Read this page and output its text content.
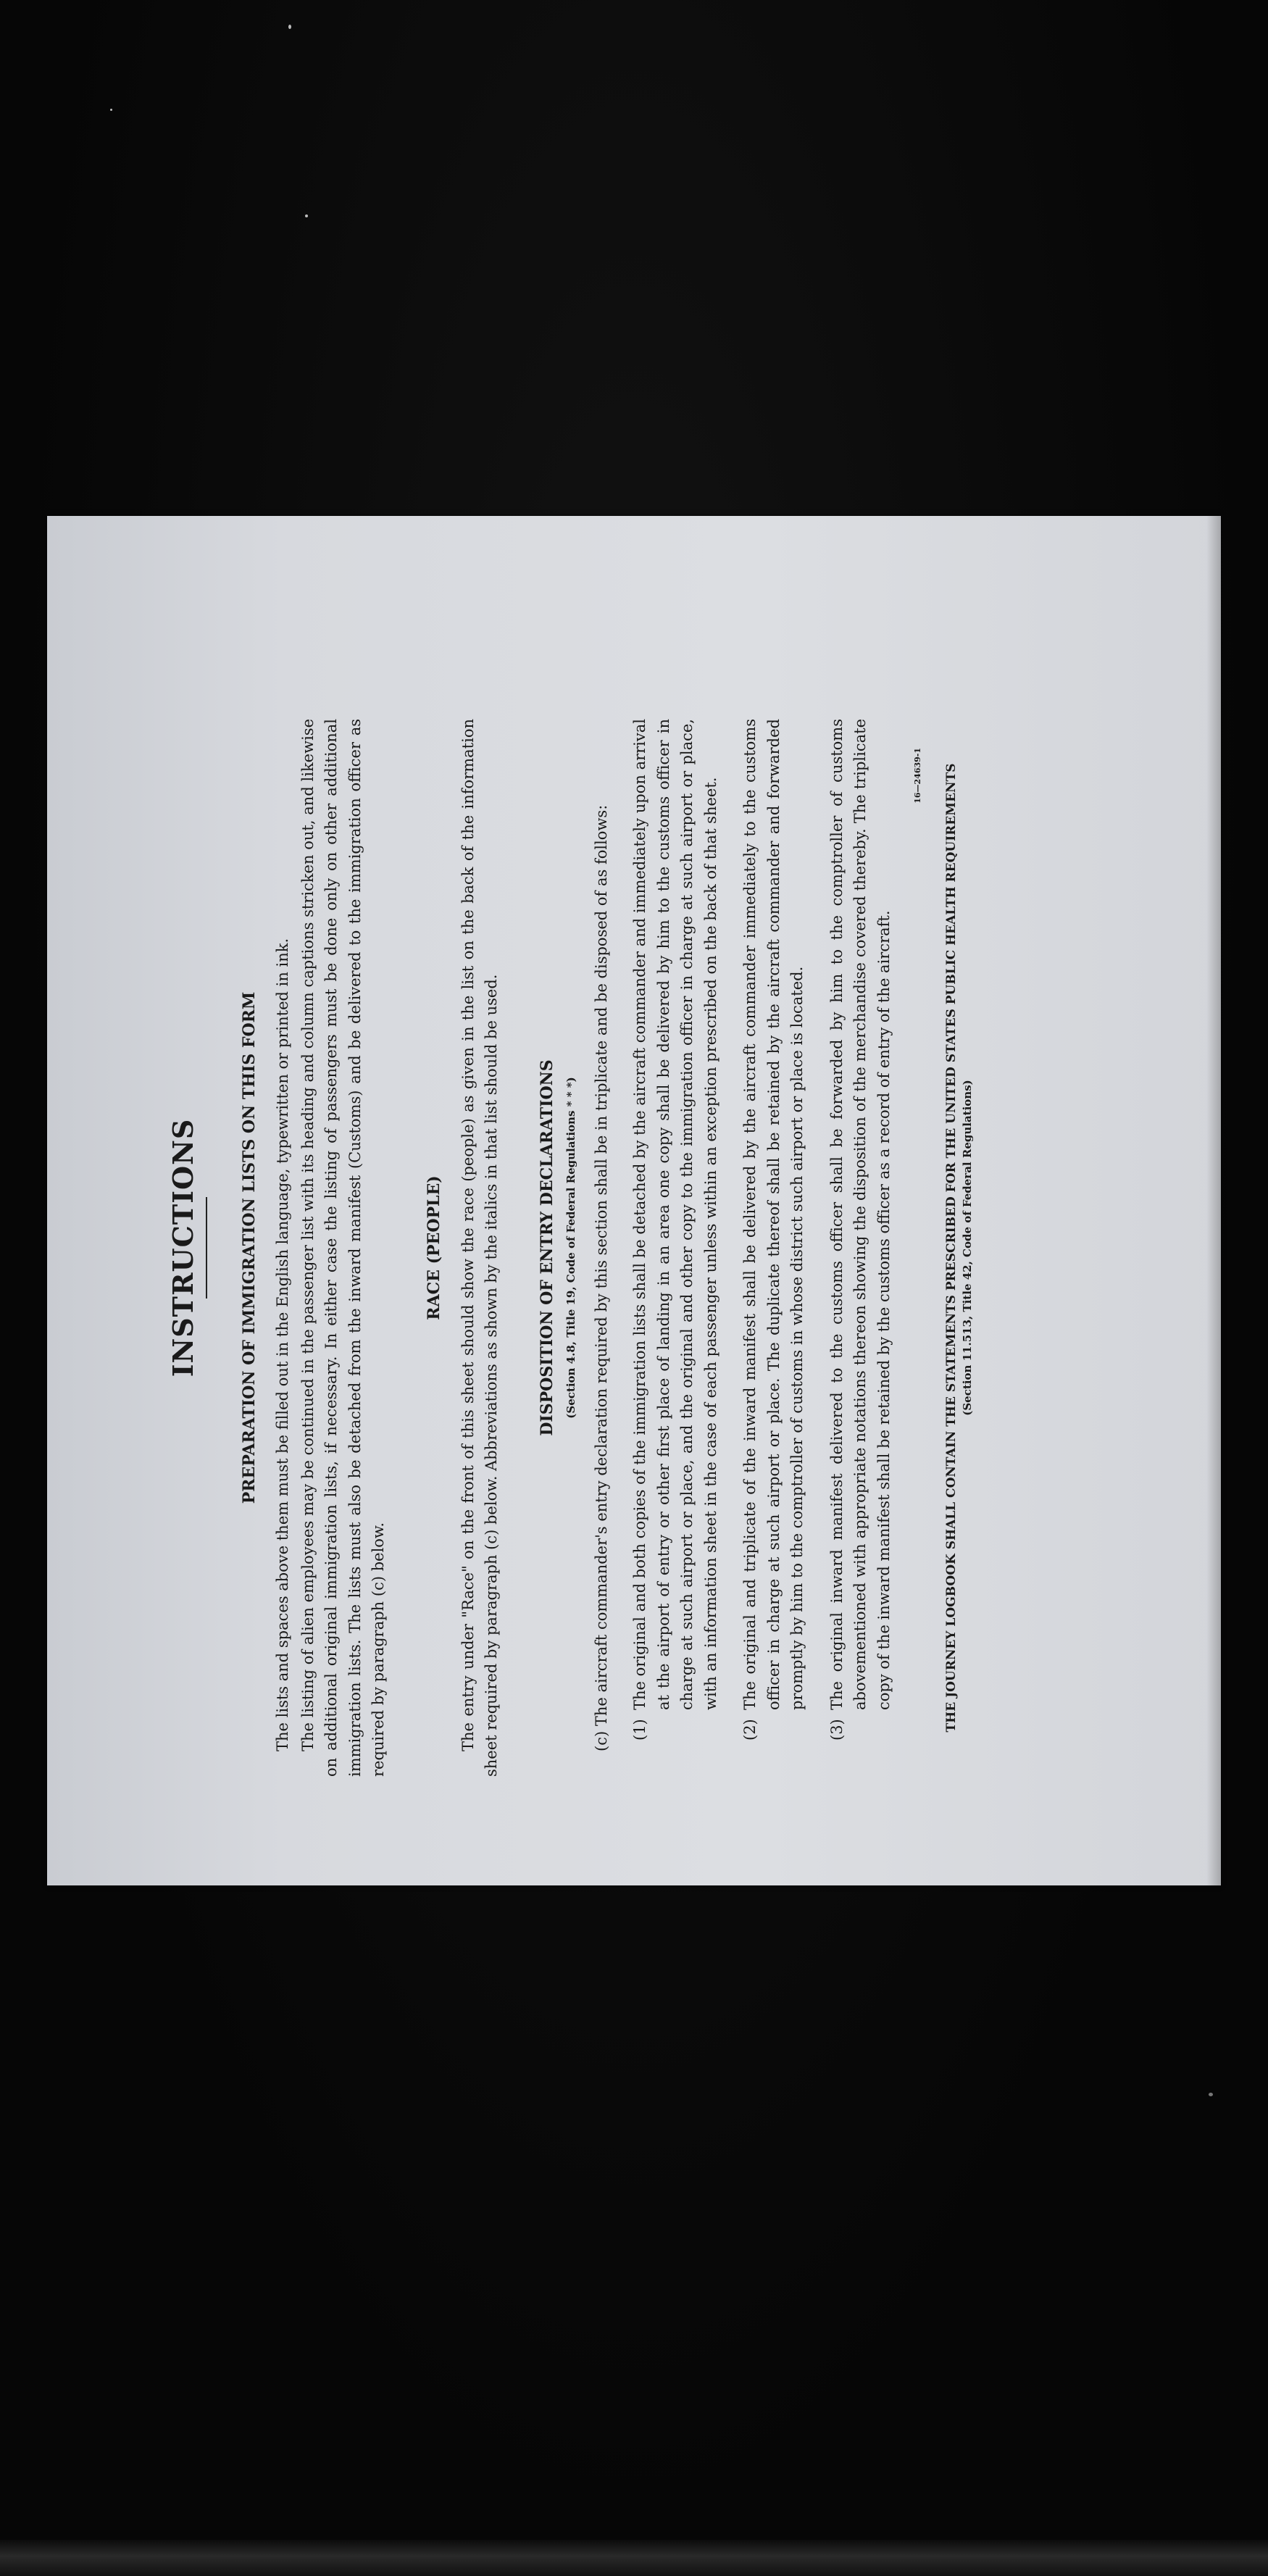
INSTRUCTIONS	PREPARATION OF IMMIGRATION LISTS ON THIS FORM The lists and spaces above them must be filled out in the English language, typewritten or printed in ink. The listing of alien employees may be continued in the passenger list with its heading and column captions stricken out, and likewise on additional original immigration lists, if necessary. In either case the listing of passengers must be done only on other additional immigration lists. The lists must also be detached from the inward manifest (Customs) and be delivered to the immigration officer as required by paragraph (c) below.

RACE (PEOPLE) The entry under "Race" on the front of this sheet should show the race (people) as given in the list on the back of the information sheet required by paragraph (c) below. Abbreviations as shown by the italics in that list should be used. DISPOSITION OF ENTRY DECLARATIONS (Section 4.8, Title 19, Code of Federal Regulations * * *) (c) The aircraft commander's entry declaration required by this section shall be in triplicate and be disposed of as follows: (1)
The original and both copies of the immigration lists shall be detached by the aircraft commander and immediately upon arrival at the airport of entry or other first place of landing in an area one copy shall be delivered by him to the customs officer in charge at such airport or place, and the original and other copy to the immigration officer in charge at such airport or place, with an information sheet in the case of each passenger unless within an exception prescribed on the back of that sheet.
(2)
The original and triplicate of the inward manifest shall be delivered by the aircraft commander immediately to the customs officer in charge at such airport or place. The duplicate thereof shall be retained by the aircraft commander and forwarded promptly by him to the comptroller of customs in whose district such airport or place is located.
(3)
The original inward manifest delivered to the customs officer shall be forwarded by him to the comptroller of customs abovementioned with appropriate notations thereon showing the disposition of the merchandise covered thereby. The triplicate copy of the inward manifest shall be retained by the customs officer as a record of entry of the aircraft.
16—24639-1 THE JOURNEY LOGBOOK SHALL CONTAIN THE STATEMENTS PRESCRIBED FOR THE UNITED STATES PUBLIC HEALTH REQUIREMENTS (Section 11.513, Title 42, Code of Federal Regulations)
